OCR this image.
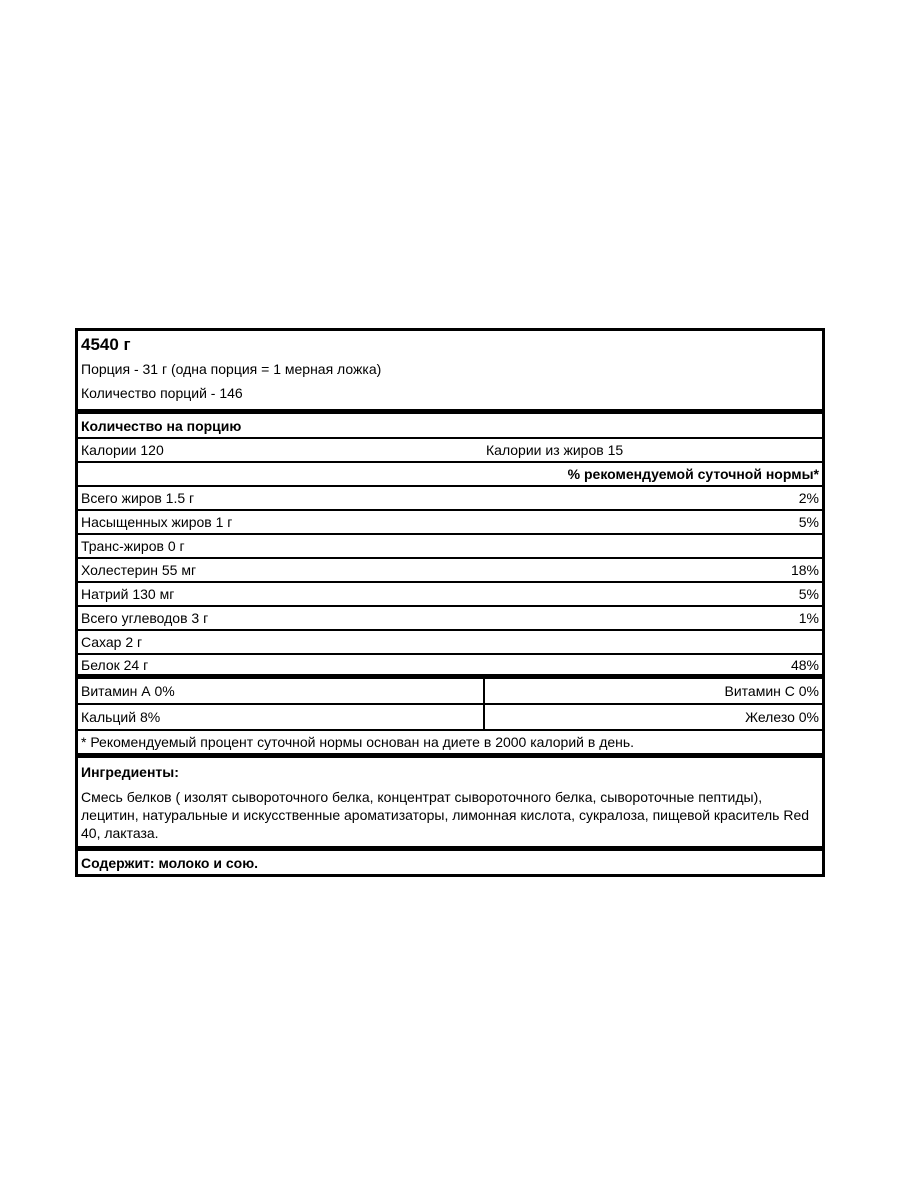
4540 г
Порция - 31 г (одна порция = 1 мерная ложка)
Количество порций - 146
Количество на порцию
Калории 120	Калории из жиров 15
% рекомендуемой суточной нормы*
Всего жиров 1.5 г	2%
Насыщенных жиров 1 г	5%
Транс-жиров 0 г
Холестерин 55 мг	18%
Натрий 130 мг	5%
Всего углеводов 3 г	1%
Сахар 2 г
Белок 24 г	48%
Витамин А 0%	Витамин С 0%
Кальций 8%	Железо 0%
* Рекомендуемый процент суточной нормы основан на диете в 2000 калорий в день.
Ингредиенты:
Смесь белков ( изолят сывороточного белка, концентрат сывороточного белка, сывороточные пептиды), лецитин, натуральные и искусственные ароматизаторы, лимонная кислота, сукралоза, пищевой краситель Red 40, лактаза.
Содержит: молоко и сою.
